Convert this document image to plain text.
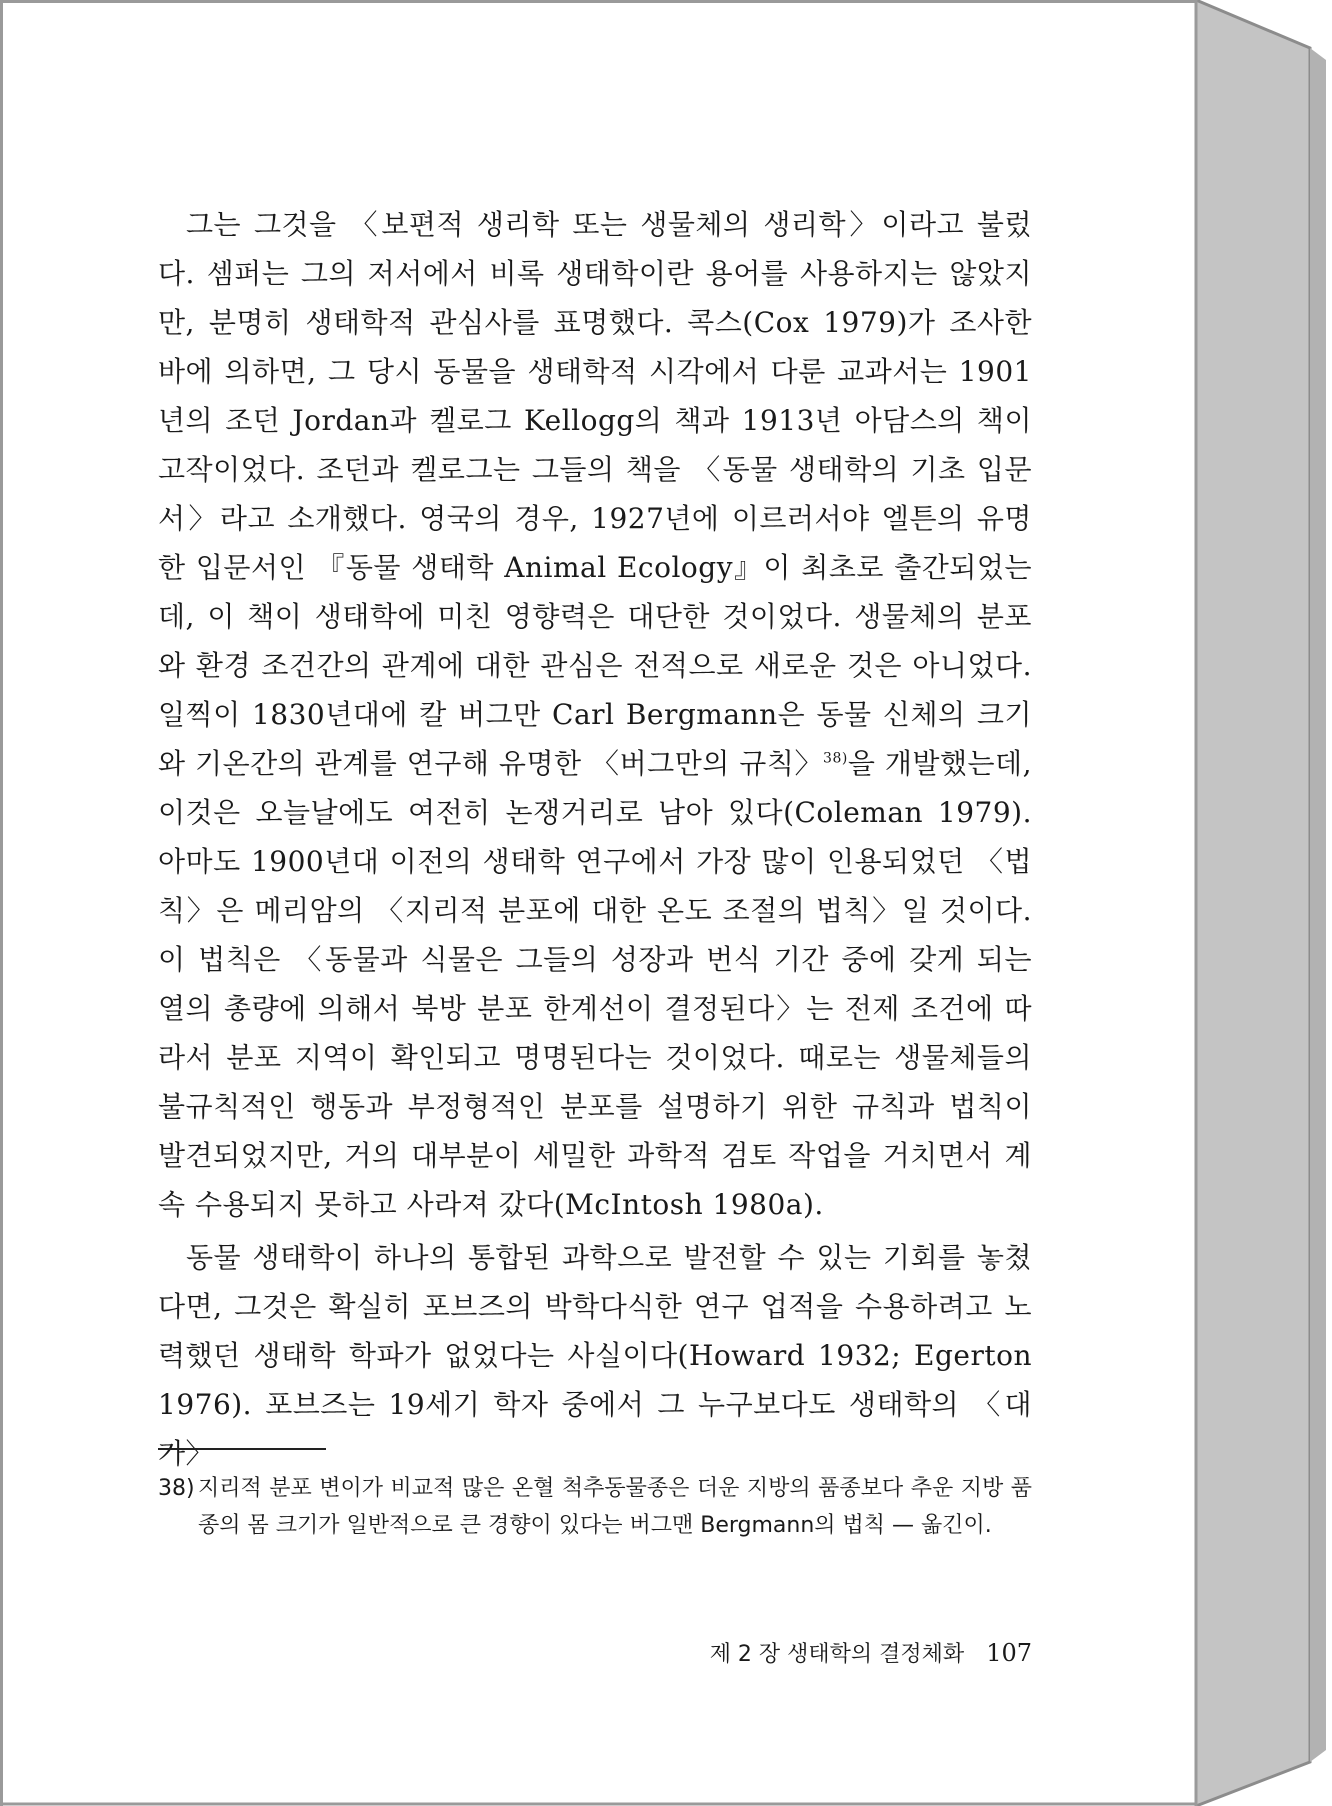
그는 그것을 〈보편적 생리학 또는 생물체의 생리학〉이라고 불렀다. 셈퍼는 그의 저서에서 비록 생태학이란 용어를 사용하지는 않았지만, 분명히 생태학적 관심사를 표명했다. 콕스(Cox 1979)가 조사한 바에 의하면, 그 당시 동물을 생태학적 시각에서 다룬 교과서는 1901년의 조던 Jordan과 켈로그 Kellogg의 책과 1913년 아담스의 책이 고작이었다. 조던과 켈로그는 그들의 책을 〈동물 생태학의 기초 입문서〉라고 소개했다. 영국의 경우, 1927년에 이르러서야 엘튼의 유명한 입문서인 『동물 생태학 Animal Ecology』이 최초로 출간되었는데, 이 책이 생태학에 미친 영향력은 대단한 것이었다. 생물체의 분포와 환경 조건간의 관계에 대한 관심은 전적으로 새로운 것은 아니었다. 일찍이 1830년대에 칼 버그만 Carl Bergmann은 동물 신체의 크기와 기온간의 관계를 연구해 유명한 〈버그만의 규칙〉$^{38)}$을 개발했는데, 이것은 오늘날에도 여전히 논쟁거리로 남아 있다(Coleman 1979). 아마도 1900년대 이전의 생태학 연구에서 가장 많이 인용되었던 〈법칙〉은 메리암의 〈지리적 분포에 대한 온도 조절의 법칙〉일 것이다. 이 법칙은 〈동물과 식물은 그들의 성장과 번식 기간 중에 갖게 되는 열의 총량에 의해서 북방 분포 한계선이 결정된다〉는 전제 조건에 따라서 분포 지역이 확인되고 명명된다는 것이었다. 때로는 생물체들의 불규칙적인 행동과 부정형적인 분포를 설명하기 위한 규칙과 법칙이 발견되었지만, 거의 대부분이 세밀한 과학적 검토 작업을 거치면서 계속 수용되지 못하고 사라져 갔다(McIntosh 1980a).

동물 생태학이 하나의 통합된 과학으로 발전할 수 있는 기회를 놓쳤다면, 그것은 확실히 포브즈의 박학다식한 연구 업적을 수용하려고 노력했던 생태학 학파가 없었다는 사실이다(Howard 1932; Egerton 1976). 포브즈는 19세기 학자 중에서 그 누구보다도 생태학의 〈대가〉

38) 지리적 분포 변이가 비교적 많은 온혈 척추동물종은 더운 지방의 품종보다 추운 지방 품종의 몸 크기가 일반적으로 큰 경향이 있다는 버그맨 Bergmann의 법칙 — 옮긴이.
제 2 장 생태학의 결정체화 107
